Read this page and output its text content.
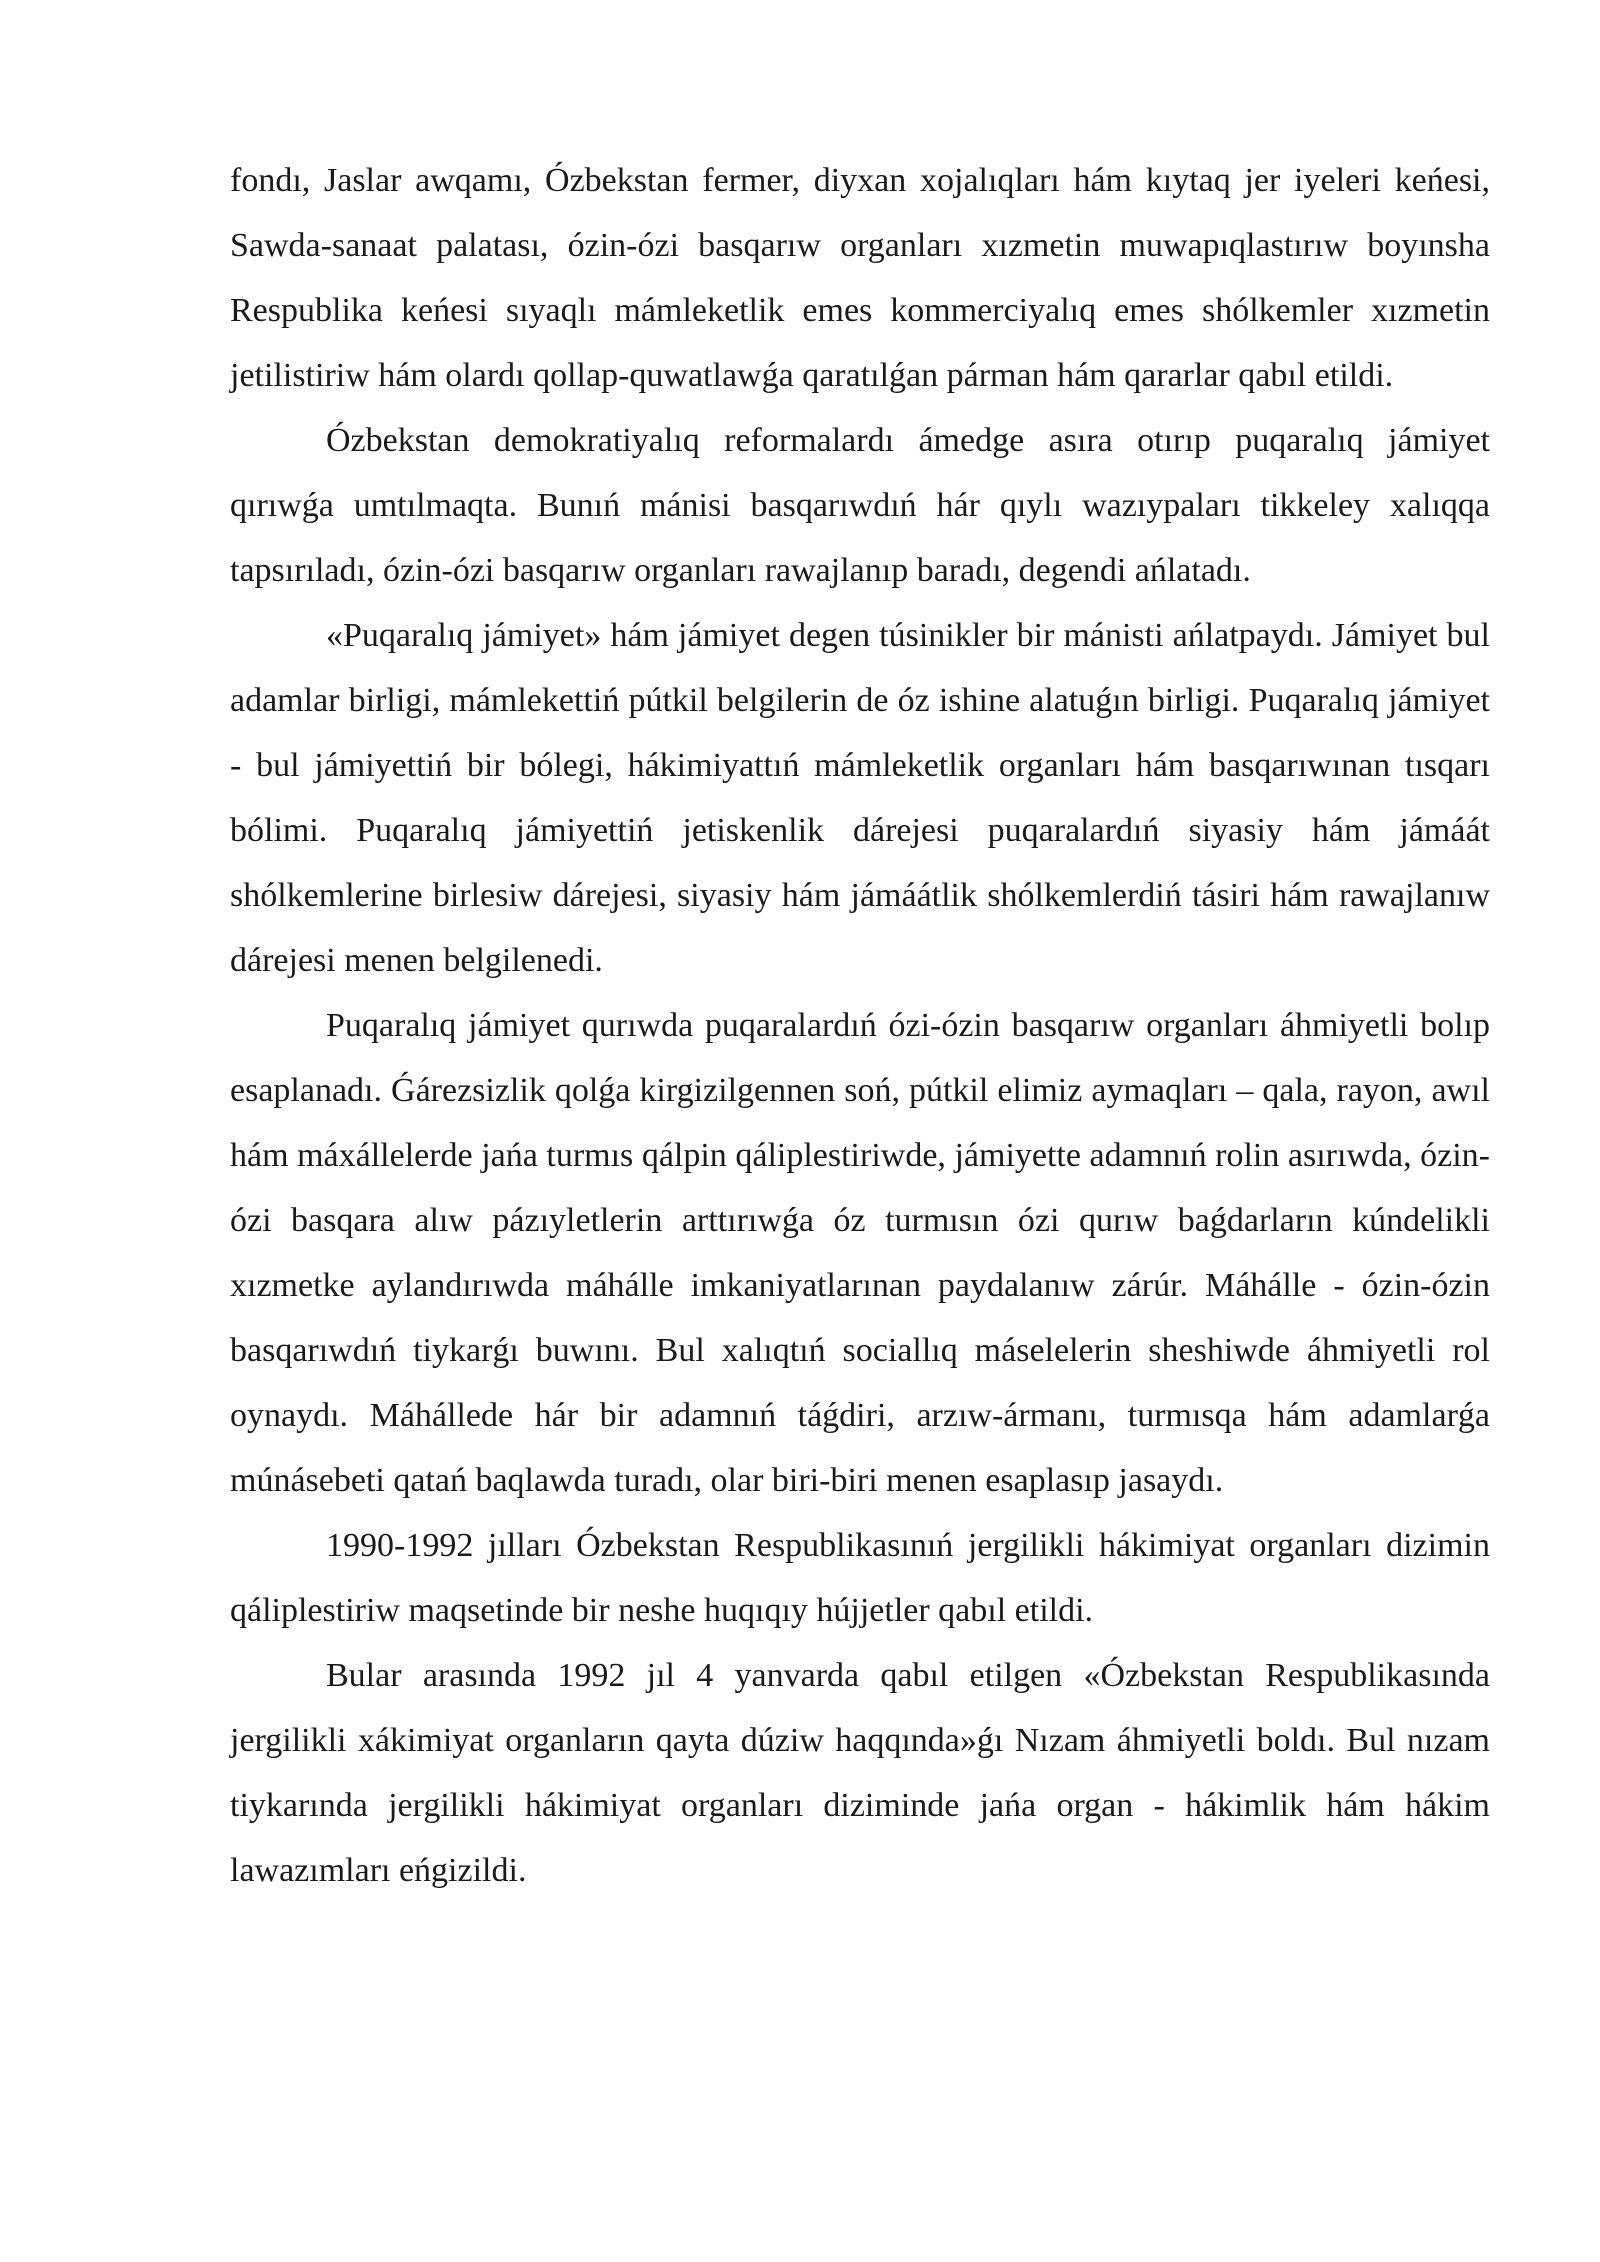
fondı, Jaslar awqamı, Ózbekstan fermer, diyxan xojalıqları hám kıytaq jer iyeleri keńesi, Sawda-sanaat palatası, ózin-ózi basqarıw organları xızmetin muwapıqlastırıw boyınsha Respublika keńesi sıyaqlı mámleketlik emes kommerciyalıq emes shólkemler xızmetin jetilistiriw hám olardı qollap-quwatlawǵa qaratılǵan párman hám qararlar qabıl etildi.

Ózbekstan demokratiyalıq reformalardı ámedge asıra otırıp puqaralıq jámiyet qırıwǵa umtılmaqta. Bunıń mánisi basqarıwdıń hár qıylı wazıypaları tikkeley xalıqqa tapsırıladı, ózin-ózi basqarıw organları rawajlanıp baradı, degendi ańlatadı.

«Puqaralıq jámiyet» hám jámiyet degen túsinikler bir mánisti ańlatpaydı. Jámiyet bul adamlar birligi, mámlekettiń pútkil belgilerin de óz ishine alatuǵın birligi. Puqaralıq jámiyet - bul jámiyettiń bir bólegi, hákimiyattıń mámleketlik organları hám basqarıwınan tısqarı bólimi. Puqaralıq jámiyettiń jetiskenlik dárejesi puqaralardıń siyasiy hám jámáát shólkemlerine birlesiw dárejesi, siyasiy hám jámáátlik shólkemlerdiń tásiri hám rawajlanıw dárejesi menen belgilenedi.

Puqaralıq jámiyet qurıwda puqaralardıń ózi-ózin basqarıw organları áhmiyetli bolıp esaplanadı. Ǵárezsizlik qolǵa kirgizilgennen soń, pútkil elimiz aymaqları – qala, rayon, awıl hám máxállelerde jańa turmıs qálpin qáliplestiriwde, jámiyette adamnıń rolin asırıwda, ózin-ózi basqara alıw pázıyletlerin arttırıwǵa óz turmısın ózi qurıw baǵdarların kúndelikli xızmetke aylandırıwda máhálle imkaniyatlarınan paydalanıw zárúr. Máhálle - ózin-ózin basqarıwdıń tiykarǵı buwını. Bul xalıqtıń sociallıq máselelerin sheshiwde áhmiyetli rol oynaydı. Máhállede hár bir adamnıń táǵdiri, arzıw-ármanı, turmısqa hám adamlarǵa múnásebeti qatań baqlawda turadı, olar biri-biri menen esaplasıp jasaydı.

1990-1992 jılları Ózbekstan Respublikasınıń jergilikli hákimiyat organları dizimin qáliplestiriw maqsetinde bir neshe huqıqıy hújjetler qabıl etildi.

Bular arasında 1992 jıl 4 yanvarda qabıl etilgen «Ózbekstan Respublikasında jergilikli xákimiyat organların qayta dúziw haqqında»ǵı Nızam áhmiyetli boldı. Bul nızam tiykarında jergilikli hákimiyat organları diziminde jańa organ - hákimlik hám hákim lawazımları eńgizildi.
